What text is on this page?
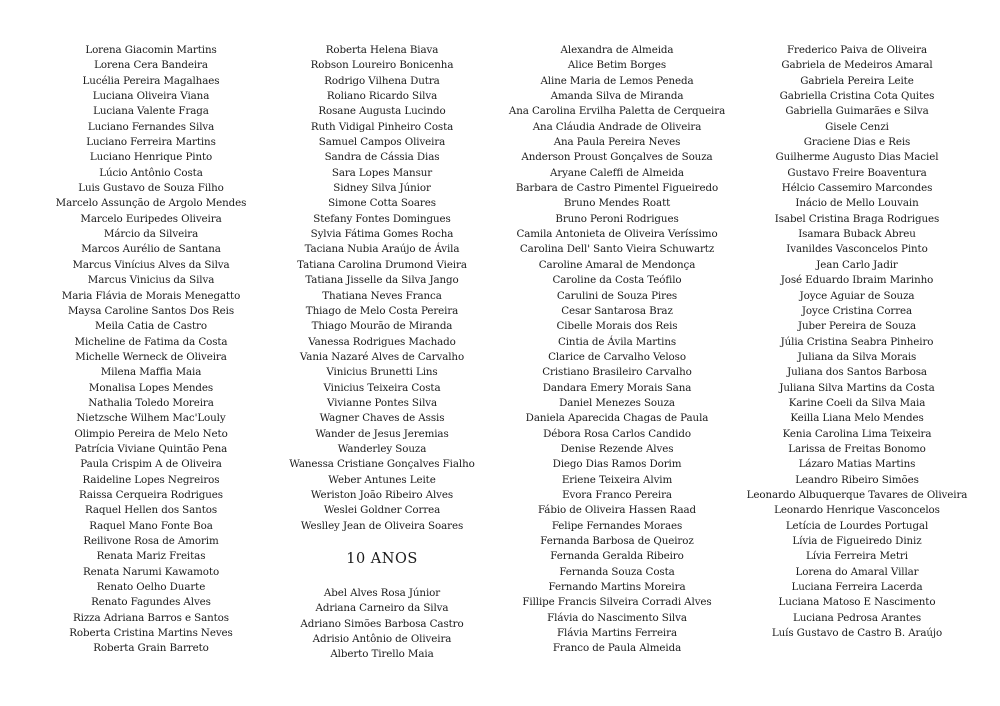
Lorena Giacomin Martins
Lorena Cera Bandeira
Lucélia Pereira Magalhaes
Luciana Oliveira Viana
Luciana Valente Fraga
Luciano Fernandes Silva
Luciano Ferreira Martins
Luciano Henrique Pinto
Lúcio Antônio Costa
Luis Gustavo de Souza Filho
Marcelo Assunção de Argolo Mendes
Marcelo Euripedes Oliveira
Márcio da Silveira
Marcos Aurélio de Santana
Marcus Vinícius Alves da Silva
Marcus Vinicius da Silva
Maria Flávia de Morais Menegatto
Maysa Caroline Santos Dos Reis
Meila Catia de Castro
Micheline de Fatima da Costa
Michelle Werneck de Oliveira
Milena Maffia Maia
Monalisa Lopes Mendes
Nathalia Toledo Moreira
Nietzsche Wilhem Mac'Louly
Olimpio Pereira de Melo Neto
Patrícia Viviane Quintão Pena
Paula Crispim A de Oliveira
Raideline Lopes Negreiros
Raissa Cerqueira Rodrigues
Raquel Hellen dos Santos
Raquel Mano Fonte Boa
Reilivone Rosa de Amorim
Renata Mariz Freitas
Renata Narumi Kawamoto
Renato Oelho Duarte
Renato Fagundes Alves
Rizza Adriana Barros e Santos
Roberta Cristina Martins Neves
Roberta Grain Barreto
Roberta Helena Biava
Robson Loureiro Bonicenha
Rodrigo Vilhena Dutra
Roliano Ricardo Silva
Rosane Augusta Lucindo
Ruth Vidigal Pinheiro Costa
Samuel Campos Oliveira
Sandra de Cássia Dias
Sara Lopes Mansur
Sidney Silva Júnior
Simone Cotta Soares
Stefany Fontes Domingues
Sylvia Fátima Gomes Rocha
Taciana Nubia Araújo de Ávila
Tatiana Carolina Drumond Vieira
Tatiana Jisselle da Silva Jango
Thatiana Neves Franca
Thiago de Melo Costa Pereira
Thiago Mourão de Miranda
Vanessa Rodrigues Machado
Vania Nazaré Alves de Carvalho
Vinicius Brunetti Lins
Vinicius Teixeira Costa
Vivianne Pontes Silva
Wagner Chaves de Assis
Wander de Jesus Jeremias
Wanderley Souza
Wanessa Cristiane Gonçalves Fialho
Weber Antunes Leite
Weriston João Ribeiro Alves
Weslei Goldner Correa
Weslley Jean de Oliveira Soares
10 ANOS
Abel Alves Rosa Júnior
Adriana Carneiro da Silva
Adriano Simões Barbosa Castro
Adrisio Antônio de Oliveira
Alberto Tirello Maia
Alexandra de Almeida
Alice Betim Borges
Aline Maria de Lemos Peneda
Amanda Silva de Miranda
Ana Carolina Ervilha Paletta de Cerqueira
Ana Cláudia Andrade de Oliveira
Ana Paula Pereira Neves
Anderson Proust Gonçalves de Souza
Aryane Caleffi de Almeida
Barbara de Castro Pimentel Figueiredo
Bruno Mendes Roatt
Bruno Peroni Rodrigues
Camila Antonieta de Oliveira Veríssimo
Carolina Dell' Santo Vieira Schuwartz
Caroline Amaral de Mendonça
Caroline da Costa Teófilo
Carulini de Souza Pires
Cesar Santarosa Braz
Cibelle Morais dos Reis
Cintia de Ávila Martins
Clarice de Carvalho Veloso
Cristiano Brasileiro Carvalho
Dandara Emery Morais Sana
Daniel Menezes Souza
Daniela Aparecida Chagas de Paula
Débora Rosa Carlos Candido
Denise Rezende Alves
Diego Dias Ramos Dorim
Eriene Teixeira Alvim
Evora Franco Pereira
Fábio de Oliveira Hassen Raad
Felipe Fernandes Moraes
Fernanda Barbosa de Queiroz
Fernanda Geralda Ribeiro
Fernanda Souza Costa
Fernando Martins Moreira
Fillipe Francis Silveira Corradi Alves
Flávia do Nascimento Silva
Flávia Martins Ferreira
Franco de Paula Almeida
Frederico Paiva de Oliveira
Gabriela de Medeiros Amaral
Gabriela Pereira Leite
Gabriella Cristina Cota Quites
Gabriella Guimarães e Silva
Gisele Cenzi
Graciene Dias e Reis
Guilherme Augusto Dias Maciel
Gustavo Freire Boaventura
Hélcio Cassemiro Marcondes
Inácio de Mello Louvain
Isabel Cristina Braga Rodrigues
Isamara Buback Abreu
Ivanildes Vasconcelos Pinto
Jean Carlo Jadir
José Eduardo Ibraim Marinho
Joyce Aguiar de Souza
Joyce Cristina Correa
Juber Pereira de Souza
Júlia Cristina Seabra Pinheiro
Juliana da Silva Morais
Juliana dos Santos Barbosa
Juliana Silva Martins da Costa
Karine Coeli da Silva Maia
Keilla Liana Melo Mendes
Kenia Carolina Lima Teixeira
Larissa de Freitas Bonomo
Lázaro Matias Martins
Leandro Ribeiro Simões
Leonardo Albuquerque Tavares de Oliveira
Leonardo Henrique Vasconcelos
Letícia de Lourdes Portugal
Lívia de Figueiredo Diniz
Lívia Ferreira Metri
Lorena do Amaral Villar
Luciana Ferreira Lacerda
Luciana Matoso E Nascimento
Luciana Pedrosa Arantes
Luís Gustavo de Castro B. Araújo
